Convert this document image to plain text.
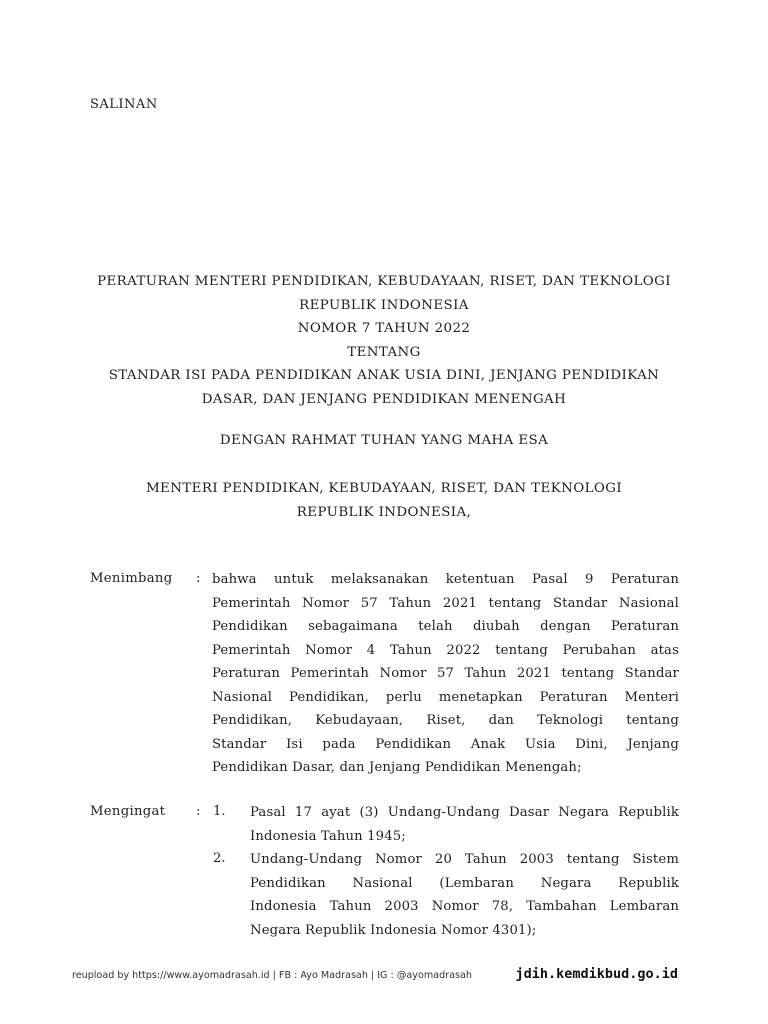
SALINAN
PERATURAN MENTERI PENDIDIKAN, KEBUDAYAAN, RISET, DAN TEKNOLOGI
REPUBLIK INDONESIA
NOMOR 7 TAHUN 2022
TENTANG
STANDAR ISI PADA PENDIDIKAN ANAK USIA DINI, JENJANG PENDIDIKAN
DASAR, DAN JENJANG PENDIDIKAN MENENGAH
DENGAN RAHMAT TUHAN YANG MAHA ESA
MENTERI PENDIDIKAN, KEBUDAYAAN, RISET, DAN TEKNOLOGI
REPUBLIK INDONESIA,
Menimbang : bahwa untuk melaksanakan ketentuan Pasal 9 Peraturan
Pemerintah Nomor 57 Tahun 2021 tentang Standar Nasional
Pendidikan sebagaimana telah diubah dengan Peraturan
Pemerintah Nomor 4 Tahun 2022 tentang Perubahan atas
Peraturan Pemerintah Nomor 57 Tahun 2021 tentang Standar
Nasional Pendidikan, perlu menetapkan Peraturan Menteri
Pendidikan, Kebudayaan, Riset, dan Teknologi tentang
Standar Isi pada Pendidikan Anak Usia Dini, Jenjang
Pendidikan Dasar, dan Jenjang Pendidikan Menengah;
Mengingat : 1. Pasal 17 ayat (3) Undang-Undang Dasar Negara Republik
Indonesia Tahun 1945;
2. Undang-Undang Nomor 20 Tahun 2003 tentang Sistem
Pendidikan Nasional (Lembaran Negara Republik
Indonesia Tahun 2003 Nomor 78, Tambahan Lembaran
Negara Republik Indonesia Nomor 4301);
reupload by https://www.ayomadrasah.id | FB : Ayo Madrasah | IG : @ayomadrasah	jdih.kemdikbud.go.id
